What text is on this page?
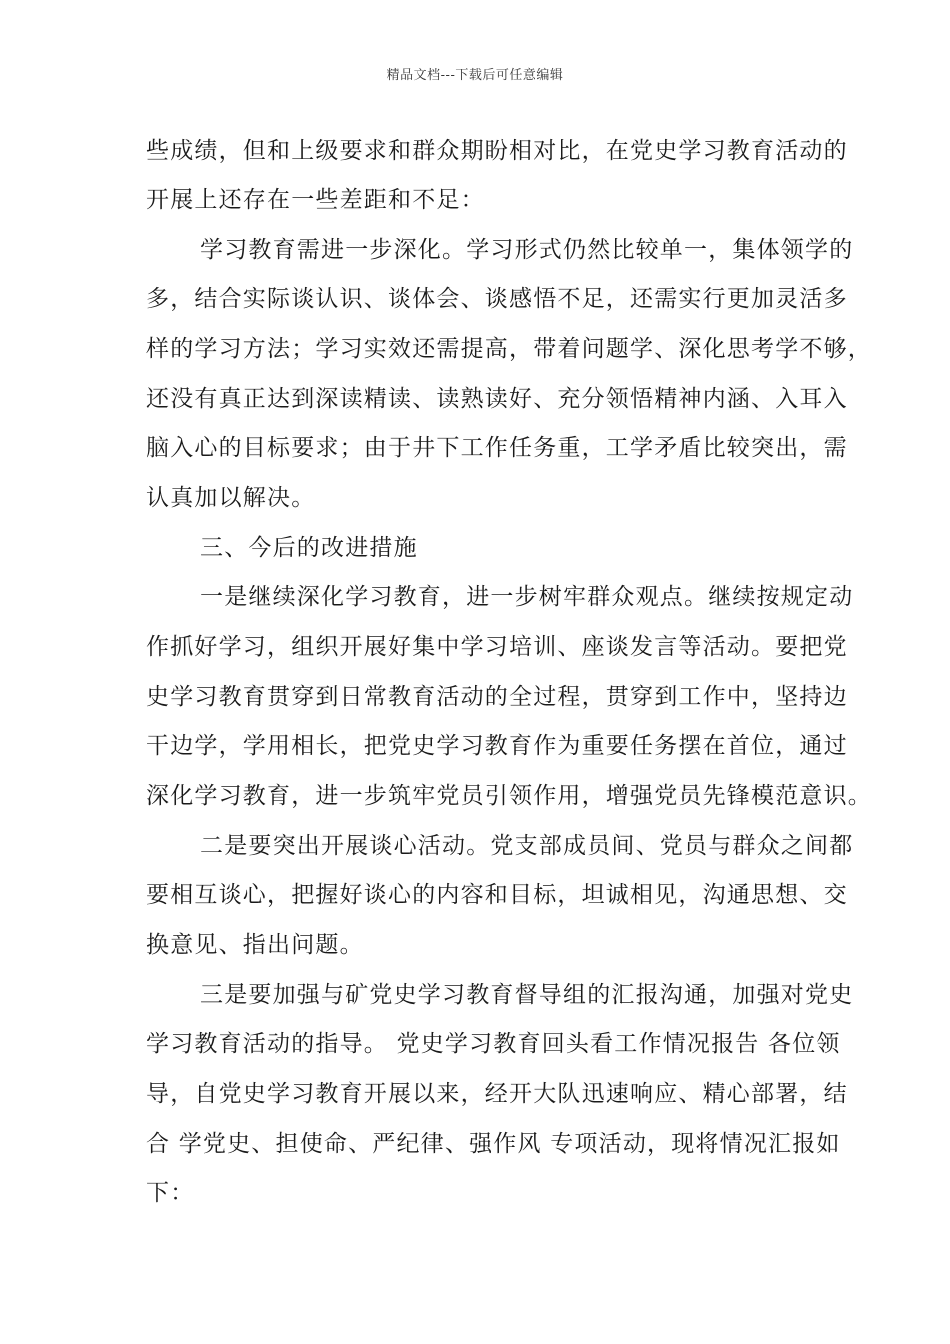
精品文档---下载后可任意编辑
些成绩，但和上级要求和群众期盼相对比，在党史学习教育活动的
开展上还存在一些差距和不足：
学习教育需进一步深化。学习形式仍然比较单一，集体领学的
多，结合实际谈认识、谈体会、谈感悟不足，还需实行更加灵活多
样的学习方法；学习实效还需提高，带着问题学、深化思考学不够，
还没有真正达到深读精读、读熟读好、充分领悟精神内涵、入耳入
脑入心的目标要求；由于井下工作任务重，工学矛盾比较突出，需
认真加以解决。
三、今后的改进措施
一是继续深化学习教育，进一步树牢群众观点。继续按规定动
作抓好学习，组织开展好集中学习培训、座谈发言等活动。要把党
史学习教育贯穿到日常教育活动的全过程，贯穿到工作中，坚持边
干边学，学用相长，把党史学习教育作为重要任务摆在首位，通过
深化学习教育，进一步筑牢党员引领作用，增强党员先锋模范意识。
二是要突出开展谈心活动。党支部成员间、党员与群众之间都
要相互谈心，把握好谈心的内容和目标，坦诚相见，沟通思想、交
换意见、指出问题。
三是要加强与矿党史学习教育督导组的汇报沟通，加强对党史
学习教育活动的指导。 党史学习教育回头看工作情况报告 各位领
导，自党史学习教育开展以来，经开大队迅速响应、精心部署，结
合 学党史、担使命、严纪律、强作风 专项活动，现将情况汇报如
下：
